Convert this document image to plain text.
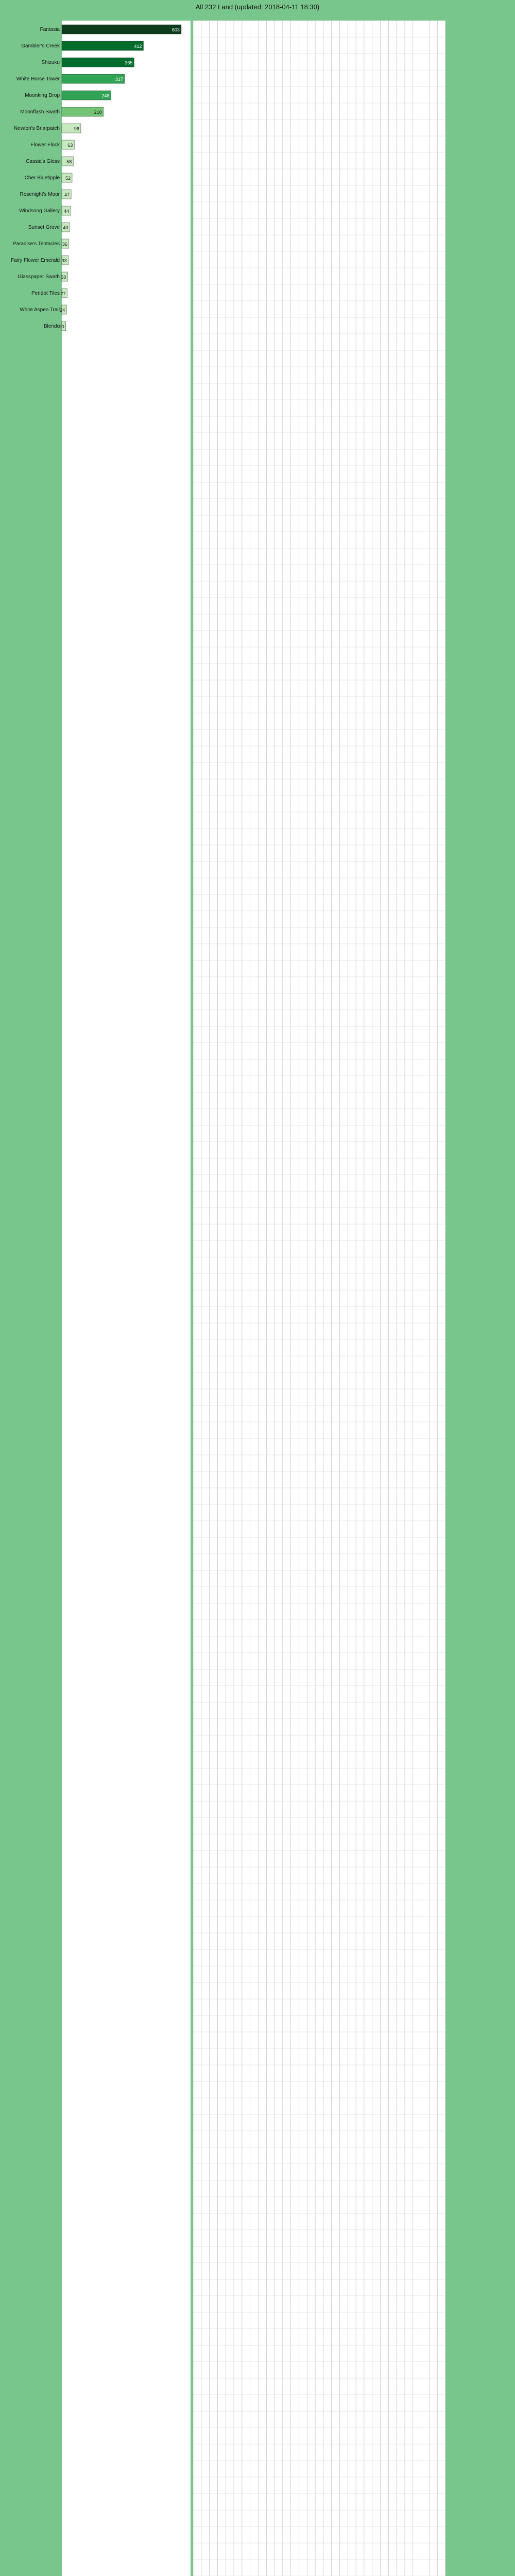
All 232 Land (updated: 2018-04-11 18:30)
Fantasia	603
Gambler's Creek	412
Shizuku	365
White Horse Tower	317
Moonking Drop	248
Moonflash Swath	210
Newton's Briarpatch	96
Flower Flock 63
Cassia's Gloss 58
Cher Bluetipple 52
Rosenight's Moor 47
Windsong Gallery 44
Sunset Grove 40
Paradise's Tentacles 36
Fairy Flower Emerald 33
Glasspaper Swath 30
Peridot Tiles 27
White Aspen Trail 24
Blendo
20
